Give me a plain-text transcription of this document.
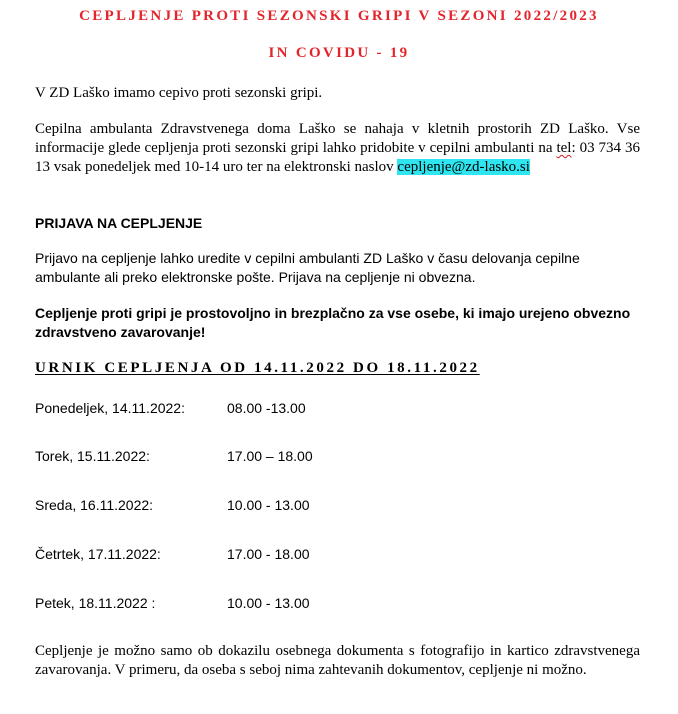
CEPLJENJE PROTI SEZONSKI GRIPI V SEZONI 2022/2023
IN COVIDU - 19
V ZD Laško imamo cepivo proti sezonski gripi.
Cepilna ambulanta Zdravstvenega doma Laško se nahaja v kletnih prostorih ZD Laško. Vse informacije glede cepljenja proti sezonski gripi lahko pridobite v cepilni ambulanti na tel: 03 734 36 13 vsak ponedeljek med 10-14 uro ter na elektronski naslov cepljenje@zd-lasko.si
PRIJAVA NA CEPLJENJE
Prijavo na cepljenje lahko uredite v cepilni ambulanti ZD Laško v času delovanja cepilne ambulante ali preko elektronske pošte. Prijava na cepljenje ni obvezna.
Cepljenje proti gripi je prostovoljno in brezplačno za vse osebe, ki imajo urejeno obvezno zdravstveno zavarovanje!
URNIK CEPLJENJA OD 14.11.2022 DO 18.11.2022
Ponedeljek, 14.11.2022:	08.00 -13.00
Torek, 15.11.2022:	17.00 – 18.00
Sreda, 16.11.2022:	10.00 - 13.00
Četrtek, 17.11.2022:	17.00 - 18.00
Petek, 18.11.2022 :	10.00 - 13.00
Cepljenje je možno samo ob dokazilu osebnega dokumenta s fotografijo in kartico zdravstvenega zavarovanja. V primeru, da oseba s seboj nima zahtevanih dokumentov, cepljenje ni možno.
